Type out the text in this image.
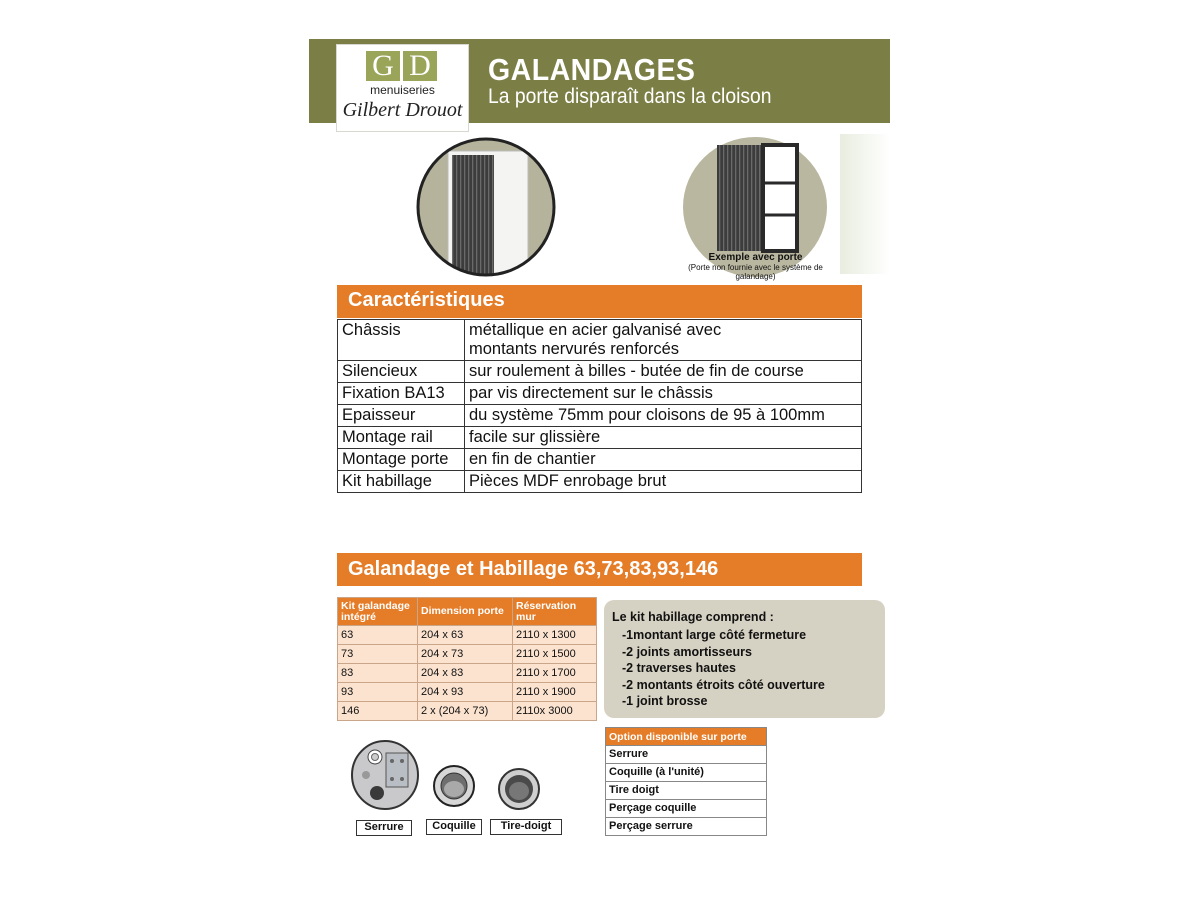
G D
menuiseries
Gilbert Drouot
GALANDAGES
La porte disparaît dans la cloison
Exemple avec porte
(Porte non fournie avec le système de galandage)
Caractéristiques
Châssis	métallique en acier galvanisé avec montants nervurés renforcés
Silencieux	sur roulement à billes - butée de fin de course
Fixation BA13	par vis directement sur le châssis
Epaisseur	du système 75mm pour cloisons de 95 à 100mm
Montage rail	facile sur glissière
Montage porte	en fin de chantier
Kit habillage	Pièces MDF enrobage brut
Galandage et Habillage 63,73,83,93,146
Kit galandage intégré	Dimension porte	Réservation mur
63	204 x 63	2110 x 1300
73	204 x 73	2110 x 1500
83	204 x 83	2110 x 1700
93	204 x 93	2110 x 1900
146	2 x (204 x 73)	2110x 3000
Le kit habillage comprend :
-1montant large côté fermeture
-2 joints amortisseurs
-2 traverses hautes
-2 montants étroits côté ouverture
-1 joint brosse
Option disponible sur porte
Serrure
Coquille (à l'unité)
Tire doigt
Perçage coquille
Perçage serrure
Serrure	Coquille	Tire-doigt
